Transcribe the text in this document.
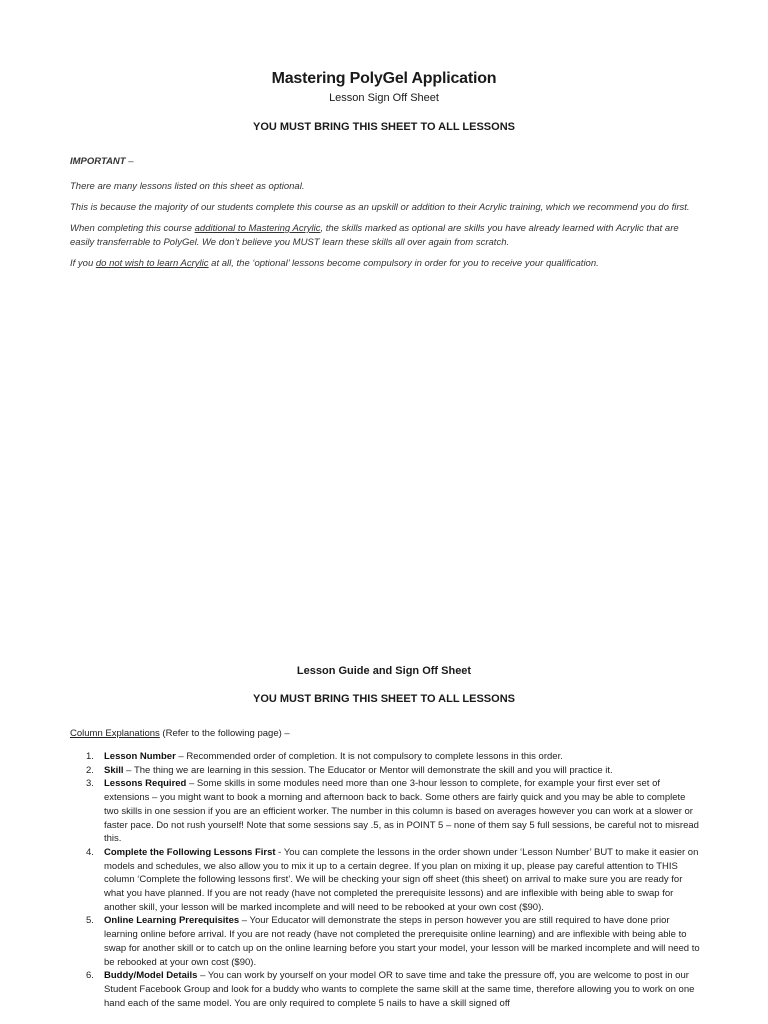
Mastering PolyGel Application
Lesson Sign Off Sheet
YOU MUST BRING THIS SHEET TO ALL LESSONS

IMPORTANT –

There are many lessons listed on this sheet as optional.

This is because the majority of our students complete this course as an upskill or addition to their Acrylic training, which we recommend you do first.

When completing this course additional to Mastering Acrylic, the skills marked as optional are skills you have already learned with Acrylic that are easily transferrable to PolyGel. We don’t believe you MUST learn these skills all over again from scratch.

If you do not wish to learn Acrylic at all, the ‘optional’ lessons become compulsory in order for you to receive your qualification.

Lesson Guide and Sign Off Sheet
YOU MUST BRING THIS SHEET TO ALL LESSONS
Column Explanations (Refer to the following page) –
1. Lesson Number – Recommended order of completion. It is not compulsory to complete lessons in this order.
2. Skill – The thing we are learning in this session. The Educator or Mentor will demonstrate the skill and you will practice it.
3. Lessons Required – Some skills in some modules need more than one 3-hour lesson to complete, for example your first ever set of extensions – you might want to book a morning and afternoon back to back. Some others are fairly quick and you may be able to complete two skills in one session if you are an efficient worker. The number in this column is based on averages however you can work at a slower or faster pace. Do not rush yourself! Note that some sessions say .5, as in POINT 5 – none of them say 5 full sessions, be careful not to misread this.
4. Complete the Following Lessons First - You can complete the lessons in the order shown under ‘Lesson Number’ BUT to make it easier on models and schedules, we also allow you to mix it up to a certain degree. If you plan on mixing it up, please pay careful attention to THIS column ‘Complete the following lessons first’. We will be checking your sign off sheet (this sheet) on arrival to make sure you are ready for what you have planned. If you are not ready (have not completed the prerequisite lessons) and are inflexible with being able to swap for another skill, your lesson will be marked incomplete and will need to be rebooked at your own cost ($90).
5. Online Learning Prerequisites – Your Educator will demonstrate the steps in person however you are still required to have done prior learning online before arrival. If you are not ready (have not completed the prerequisite online learning) and are inflexible with being able to swap for another skill or to catch up on the online learning before you start your model, your lesson will be marked incomplete and will need to be rebooked at your own cost ($90).
6. Buddy/Model Details – You can work by yourself on your model OR to save time and take the pressure off, you are welcome to post in our Student Facebook Group and look for a buddy who wants to complete the same skill at the same time, therefore allowing you to work on one hand each of the same model. You are only required to complete 5 nails to have a skill signed off
